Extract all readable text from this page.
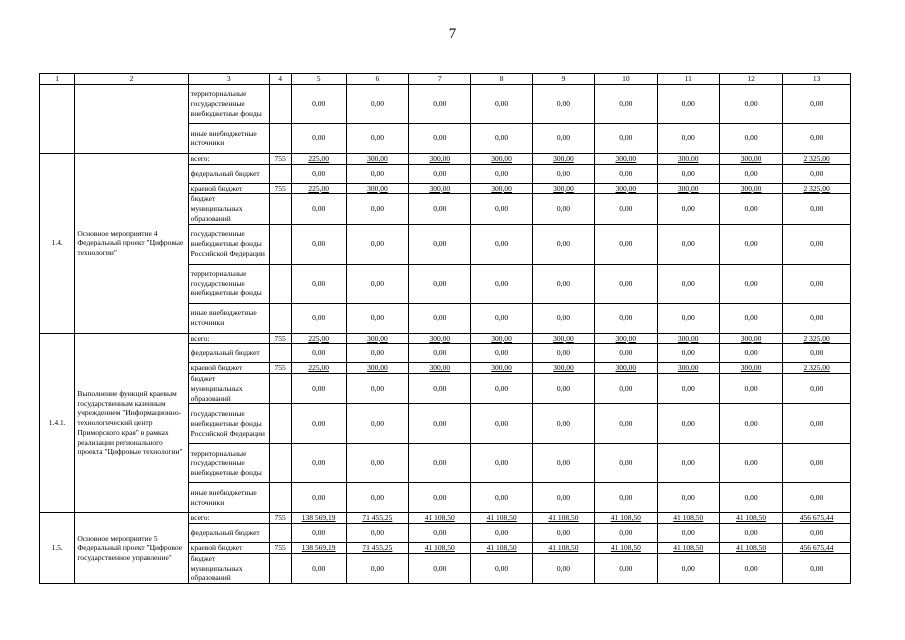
7
1	2	3	4	5	6	7	8	9	10	11	12	13
		территориальные государственные внебюджетные фонды		0,00	0,00	0,00	0,00	0,00	0,00	0,00	0,00	0,00
		иные внебюджетные источники		0,00	0,00	0,00	0,00	0,00	0,00	0,00	0,00	0,00
1.4.	Основное мероприятие 4 Федеральный проект "Цифровые технологии"	всего:	755	225,00	300,00	300,00	300,00	300,00	300,00	300,00	300,00	2 325,00
		федеральный бюджет		0,00	0,00	0,00	0,00	0,00	0,00	0,00	0,00	0,00
		краевой бюджет	755	225,00	300,00	300,00	300,00	300,00	300,00	300,00	300,00	2 325,00
		бюджет муниципальных образований		0,00	0,00	0,00	0,00	0,00	0,00	0,00	0,00	0,00
		государственные внебюджетные фонды Российской Федерации		0,00	0,00	0,00	0,00	0,00	0,00	0,00	0,00	0,00
		территориальные государственные внебюджетные фонды		0,00	0,00	0,00	0,00	0,00	0,00	0,00	0,00	0,00
		иные внебюджетные источники		0,00	0,00	0,00	0,00	0,00	0,00	0,00	0,00	0,00
1.4.1.	Выполнение функций краевым государственным казенным учреждением "Информационно-технологический центр Приморского края" в рамках реализации регионального проекта "Цифровые технологии"	всего:	755	225,00	300,00	300,00	300,00	300,00	300,00	300,00	300,00	2 325,00
		федеральный бюджет		0,00	0,00	0,00	0,00	0,00	0,00	0,00	0,00	0,00
		краевой бюджет	755	225,00	300,00	300,00	300,00	300,00	300,00	300,00	300,00	2 325,00
		бюджет муниципальных образований		0,00	0,00	0,00	0,00	0,00	0,00	0,00	0,00	0,00
		государственные внебюджетные фонды Российской Федерации		0,00	0,00	0,00	0,00	0,00	0,00	0,00	0,00	0,00
		территориальные государственные внебюджетные фонды		0,00	0,00	0,00	0,00	0,00	0,00	0,00	0,00	0,00
		иные внебюджетные источники		0,00	0,00	0,00	0,00	0,00	0,00	0,00	0,00	0,00
1.5.	Основное мероприятие 5 Федеральный проект "Цифровое государственное управление"	всего:	755	138 569,19	71 455,25	41 108,50	41 108,50	41 108,50	41 108,50	41 108,50	41 108,50	456 675,44
		федеральный бюджет		0,00	0,00	0,00	0,00	0,00	0,00	0,00	0,00	0,00
		краевой бюджет	755	138 569,19	71 455,25	41 108,50	41 108,50	41 108,50	41 108,50	41 108,50	41 108,50	456 675,44
		бюджет муниципальных образований		0,00	0,00	0,00	0,00	0,00	0,00	0,00	0,00	0,00
